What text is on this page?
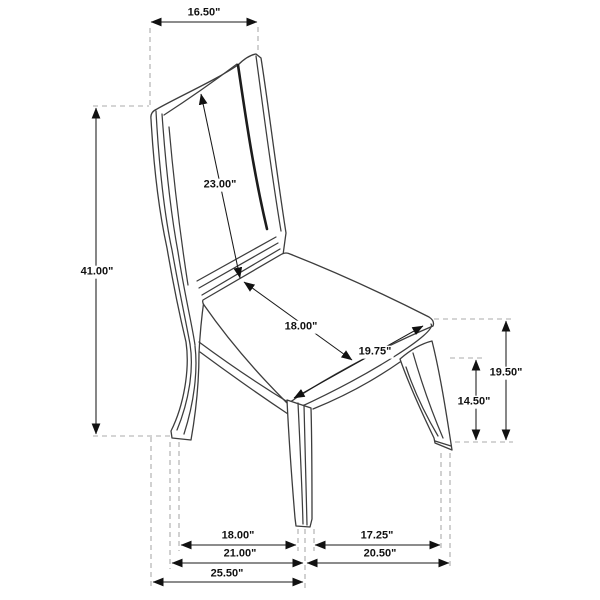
16.50"
41.00"
23.00"
18.00"
19.75"
19.50"
14.50"
18.00"	17.25"
21.00"	20.50"
25.50"
